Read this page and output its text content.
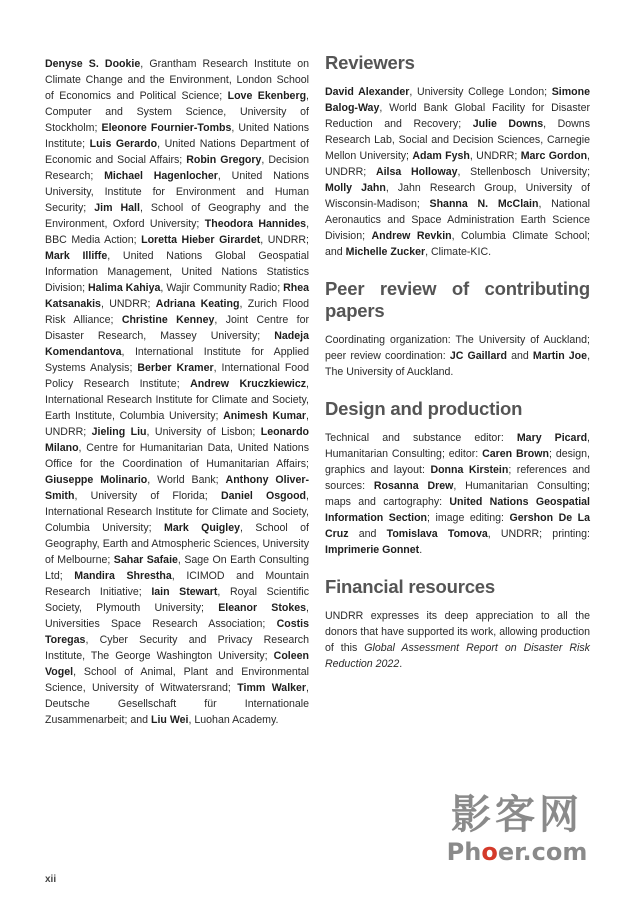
Denyse S. Dookie, Grantham Research Institute on Climate Change and the Environment, London School of Economics and Political Science; Love Ekenberg, Computer and System Science, University of Stockholm; Eleonore Fournier-Tombs, United Nations Institute; Luis Gerardo, United Nations Department of Economic and Social Affairs; Robin Gregory, Decision Research; Michael Hagenlocher, United Nations University, Institute for Environment and Human Security; Jim Hall, School of Geography and the Environment, Oxford University; Theodora Hannides, BBC Media Action; Loretta Hieber Girardet, UNDRR; Mark Illiffe, United Nations Global Geospatial Information Management, United Nations Statistics Division; Halima Kahiya, Wajir Community Radio; Rhea Katsanakis, UNDRR; Adriana Keating, Zurich Flood Risk Alliance; Christine Kenney, Joint Centre for Disaster Research, Massey University; Nadeja Komendantova, International Institute for Applied Systems Analysis; Berber Kramer, International Food Policy Research Institute; Andrew Kruczkiewicz, International Research Institute for Climate and Society, Earth Institute, Columbia University; Animesh Kumar, UNDRR; Jieling Liu, University of Lisbon; Leonardo Milano, Centre for Humanitarian Data, United Nations Office for the Coordination of Humanitarian Affairs; Giuseppe Molinario, World Bank; Anthony Oliver-Smith, University of Florida; Daniel Osgood, International Research Institute for Climate and Society, Columbia University; Mark Quigley, School of Geography, Earth and Atmospheric Sciences, University of Melbourne; Sahar Safaie, Sage On Earth Consulting Ltd; Mandira Shrestha, ICIMOD and Mountain Research Initiative; Iain Stewart, Royal Scientific Society, Plymouth University; Eleanor Stokes, Universities Space Research Association; Costis Toregas, Cyber Security and Privacy Research Institute, The George Washington University; Coleen Vogel, School of Animal, Plant and Environmental Science, University of Witwatersrand; Timm Walker, Deutsche Gesellschaft für Internationale Zusammenarbeit; and Liu Wei, Luohan Academy.

Reviewers

David Alexander, University College London; Simone Balog-Way, World Bank Global Facility for Disaster Reduction and Recovery; Julie Downs, Downs Research Lab, Social and Decision Sciences, Carnegie Mellon University; Adam Fysh, UNDRR; Marc Gordon, UNDRR; Ailsa Holloway, Stellenbosch University; Molly Jahn, Jahn Research Group, University of Wisconsin-Madison; Shanna N. McClain, National Aeronautics and Space Administration Earth Science Division; Andrew Revkin, Columbia Climate School; and Michelle Zucker, Climate-KIC.

Peer review of contributing papers

Coordinating organization: The University of Auckland; peer review coordination: JC Gaillard and Martin Joe, The University of Auckland.

Design and production

Technical and substance editor: Mary Picard, Humanitarian Consulting; editor: Caren Brown; design, graphics and layout: Donna Kirstein; references and sources: Rosanna Drew, Humanitarian Consulting; maps and cartography: United Nations Geospatial Information Section; image editing: Gershon De La Cruz and Tomislava Tomova, UNDRR; printing: Imprimerie Gonnet.

Financial resources

UNDRR expresses its deep appreciation to all the donors that have supported its work, allowing production of this Global Assessment Report on Disaster Risk Reduction 2022.

影客网
Phoer.com
xii
